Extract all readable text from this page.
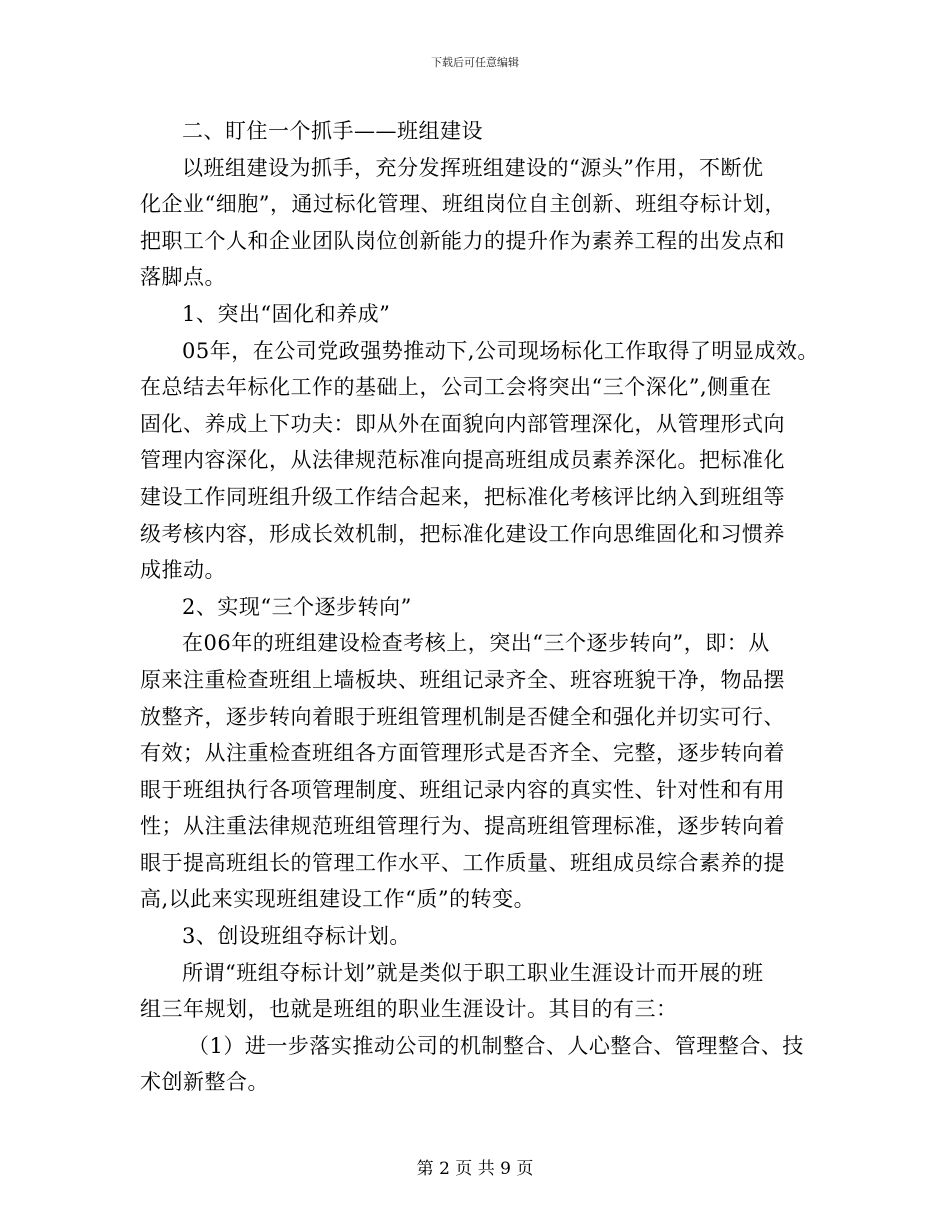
下载后可任意编辑
二、盯住一个抓手——班组建设
以班组建设为抓手，充分发挥班组建设的“源头”作用，不断优
化企业“细胞”，通过标化管理、班组岗位自主创新、班组夺标计划，
把职工个人和企业团队岗位创新能力的提升作为素养工程的出发点和
落脚点。
1、突出“固化和养成”
05年，在公司党政强势推动下,公司现场标化工作取得了明显成效。
在总结去年标化工作的基础上，公司工会将突出“三个深化”,侧重在
固化、养成上下功夫：即从外在面貌向内部管理深化，从管理形式向
管理内容深化，从法律规范标准向提高班组成员素养深化。把标准化
建设工作同班组升级工作结合起来，把标准化考核评比纳入到班组等
级考核内容，形成长效机制，把标准化建设工作向思维固化和习惯养
成推动。
2、实现“三个逐步转向”
在06年的班组建设检查考核上，突出“三个逐步转向”，即：从
原来注重检查班组上墙板块、班组记录齐全、班容班貌干净，物品摆
放整齐，逐步转向着眼于班组管理机制是否健全和强化并切实可行、
有效；从注重检查班组各方面管理形式是否齐全、完整，逐步转向着
眼于班组执行各项管理制度、班组记录内容的真实性、针对性和有用
性；从注重法律规范班组管理行为、提高班组管理标准，逐步转向着
眼于提高班组长的管理工作水平、工作质量、班组成员综合素养的提
高,以此来实现班组建设工作“质”的转变。
3、创设班组夺标计划。
所谓“班组夺标计划”就是类似于职工职业生涯设计而开展的班
组三年规划，也就是班组的职业生涯设计。其目的有三：
（1）进一步落实推动公司的机制整合、人心整合、管理整合、技
术创新整合。
第 2 页 共 9 页
